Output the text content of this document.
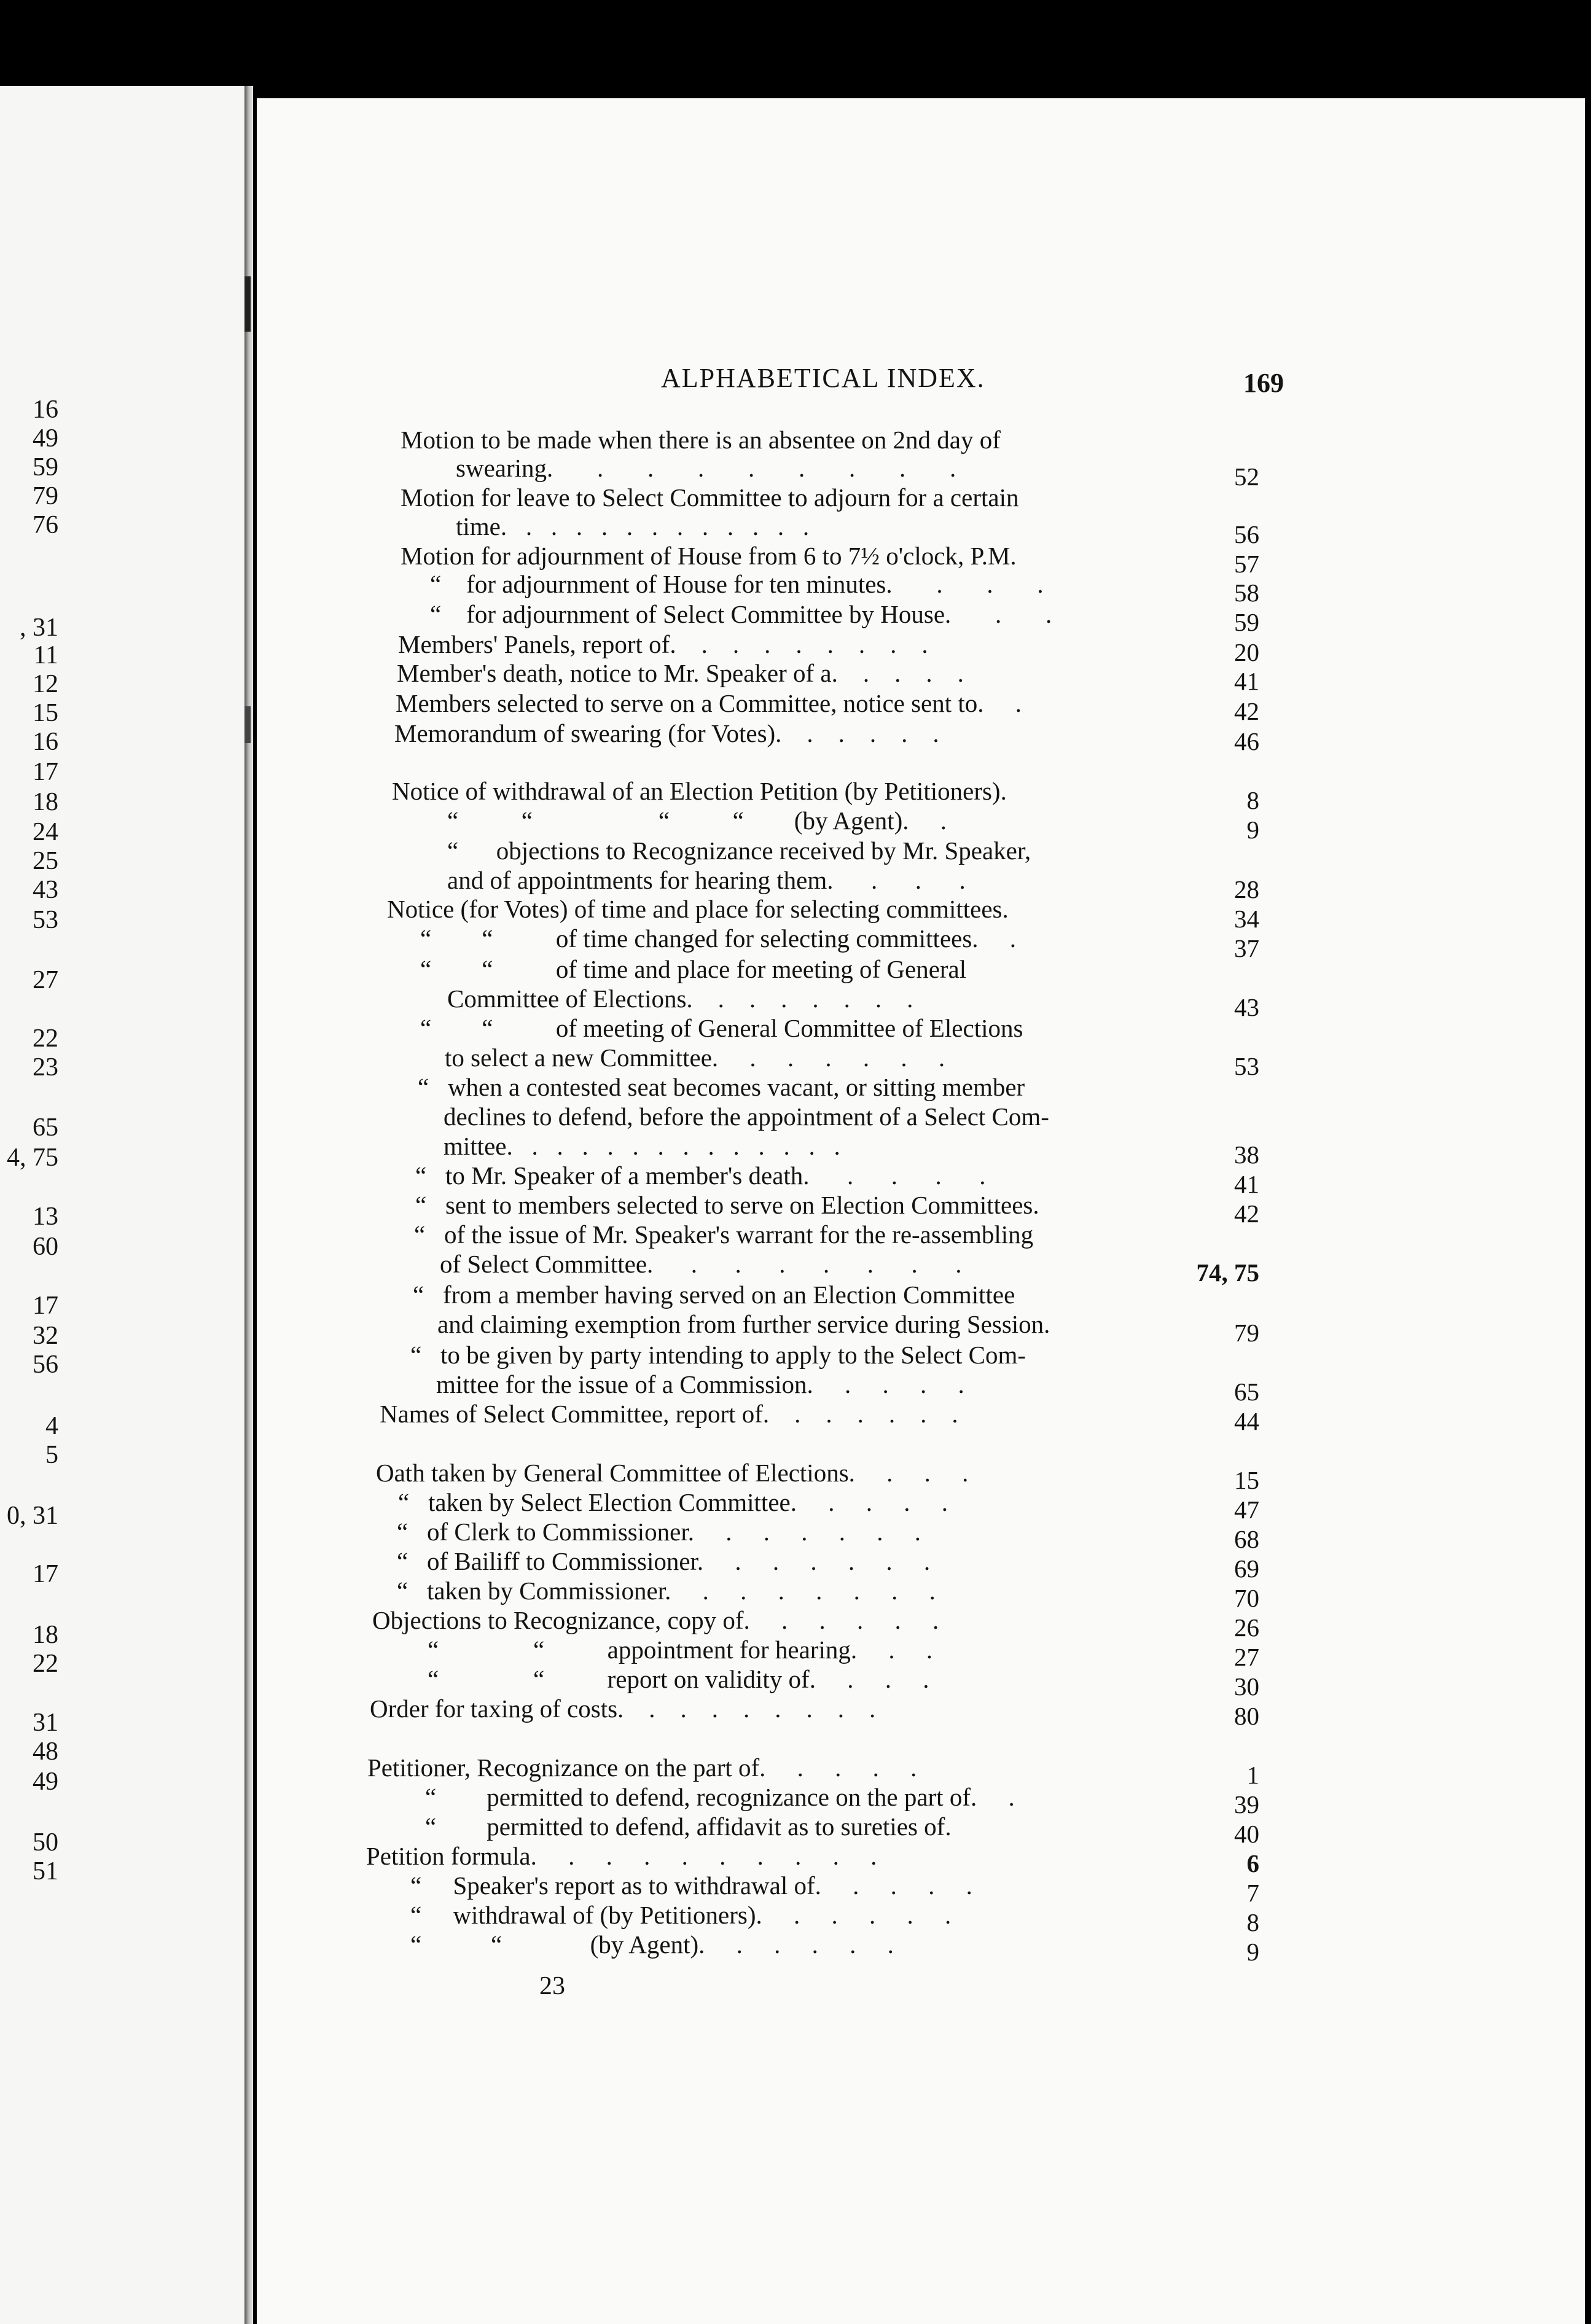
16
49
59
79
76
, 31
11
12
15
16
17
18
24
25
43
53
27
22
23
65
4, 75
13
60
17
32
56
4
5
0, 31
17
18
22
31
48
49
50
51
ALPHABETICAL INDEX.	169
Motion to be made when there is an absentee on 2nd day of
swearing.       .       .       .       .       .       .       .       .
Motion for leave to Select Committee to adjourn for a certain
time.   .   .   .   .   .   .   .   .   .   .   .   .
Motion for adjournment of House from 6 to 7½ o'clock, P.M.
“    for adjournment of House for ten minutes.       .       .       .
“    for adjournment of Select Committee by House.       .       .
Members' Panels, report of.    .    .    .    .    .    .    .    .
Member's death, notice to Mr. Speaker of a.    .    .    .    .
Members selected to serve on a Committee, notice sent to.     .
Memorandum of swearing (for Votes).    .    .    .    .    .
Notice of withdrawal of an Election Petition (by Petitioners).
“          “                    “          “        (by Agent).     .
“      objections to Recognizance received by Mr. Speaker,
and of appointments for hearing them.      .      .      .
Notice (for Votes) of time and place for selecting committees.
“        “          of time changed for selecting committees.     .
“        “          of time and place for meeting of General
Committee of Elections.    .    .    .    .    .    .    .
“        “          of meeting of General Committee of Elections
to select a new Committee.     .     .     .     .     .     .
“   when a contested seat becomes vacant, or sitting member
declines to defend, before the appointment of a Select Com-
mittee.   .   .   .   .   .   .   .   .   .   .   .   .   .
“   to Mr. Speaker of a member's death.      .      .      .      .
“   sent to members selected to serve on Election Committees.
“   of the issue of Mr. Speaker's warrant for the re-assembling
of Select Committee.      .      .      .      .      .      .      .
“   from a member having served on an Election Committee
and claiming exemption from further service during Session.
“   to be given by party intending to apply to the Select Com-
mittee for the issue of a Commission.     .     .     .     .
Names of Select Committee, report of.    .    .    .    .    .    .
Oath taken by General Committee of Elections.     .     .     .
“   taken by Select Election Committee.     .     .     .     .
“   of Clerk to Commissioner.     .     .     .     .     .     .
“   of Bailiff to Commissioner.     .     .     .     .     .     .
“   taken by Commissioner.     .     .     .     .     .     .     .
Objections to Recognizance, copy of.     .     .     .     .     .
“               “          appointment for hearing.     .     .
“               “          report on validity of.     .     .     .
Order for taxing of costs.    .    .    .    .    .    .    .    .
Petitioner, Recognizance on the part of.     .     .     .     .
“        permitted to defend, recognizance on the part of.     .
“        permitted to defend, affidavit as to sureties of.
Petition formula.     .     .     .     .     .     .     .     .     .
“     Speaker's report as to withdrawal of.     .     .     .     .
“     withdrawal of (by Petitioners).     .     .     .     .     .
“           “              (by Agent).     .     .     .     .     .
52
56
57
58
59
20
41
42
46
8
9
28
34
37
43
53
38
41
42
74, 75
79
65
44
15
47
68
69
70
26
27
30
80
1
39
40
6
7
8
9
23
